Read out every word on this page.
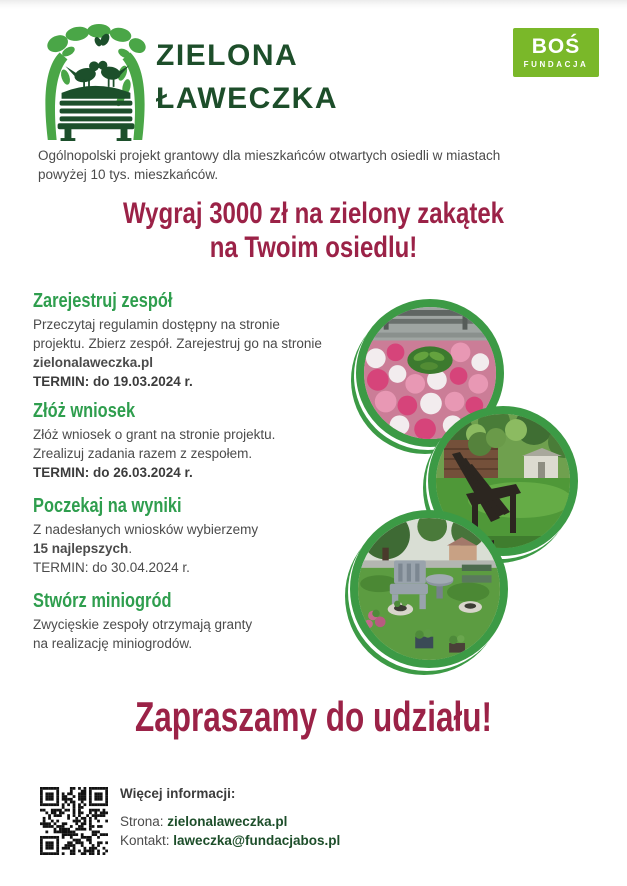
ZIELONA
ŁAWECZKA
BOŚ
FUNDACJA
Ogólnopolski projekt grantowy dla mieszkańców otwartych osiedli w miastach powyżej 10 tys. mieszkańców.
Wygraj 3000 zł na zielony zakątek
na Twoim osiedlu!
Zarejestruj zespół
Przeczytaj regulamin dostępny na stronie projektu. Zbierz zespół. Zarejestruj go na stronie zielonalaweczka.pl
TERMIN: do 19.03.2024 r.
Złóż wniosek
Złóż wniosek o grant na stronie projektu. Zrealizuj zadania razem z zespołem.
TERMIN: do 26.03.2024 r.
Poczekaj na wyniki
Z nadesłanych wniosków wybierzemy 15 najlepszych.
TERMIN: do 30.04.2024 r.
Stwórz miniogród
Zwycięskie zespoły otrzymają granty na realizację miniogrodów.
Zapraszamy do udziału!
Więcej informacji:
Strona: zielonalaweczka.pl
Kontakt: laweczka@fundacjabos.pl
